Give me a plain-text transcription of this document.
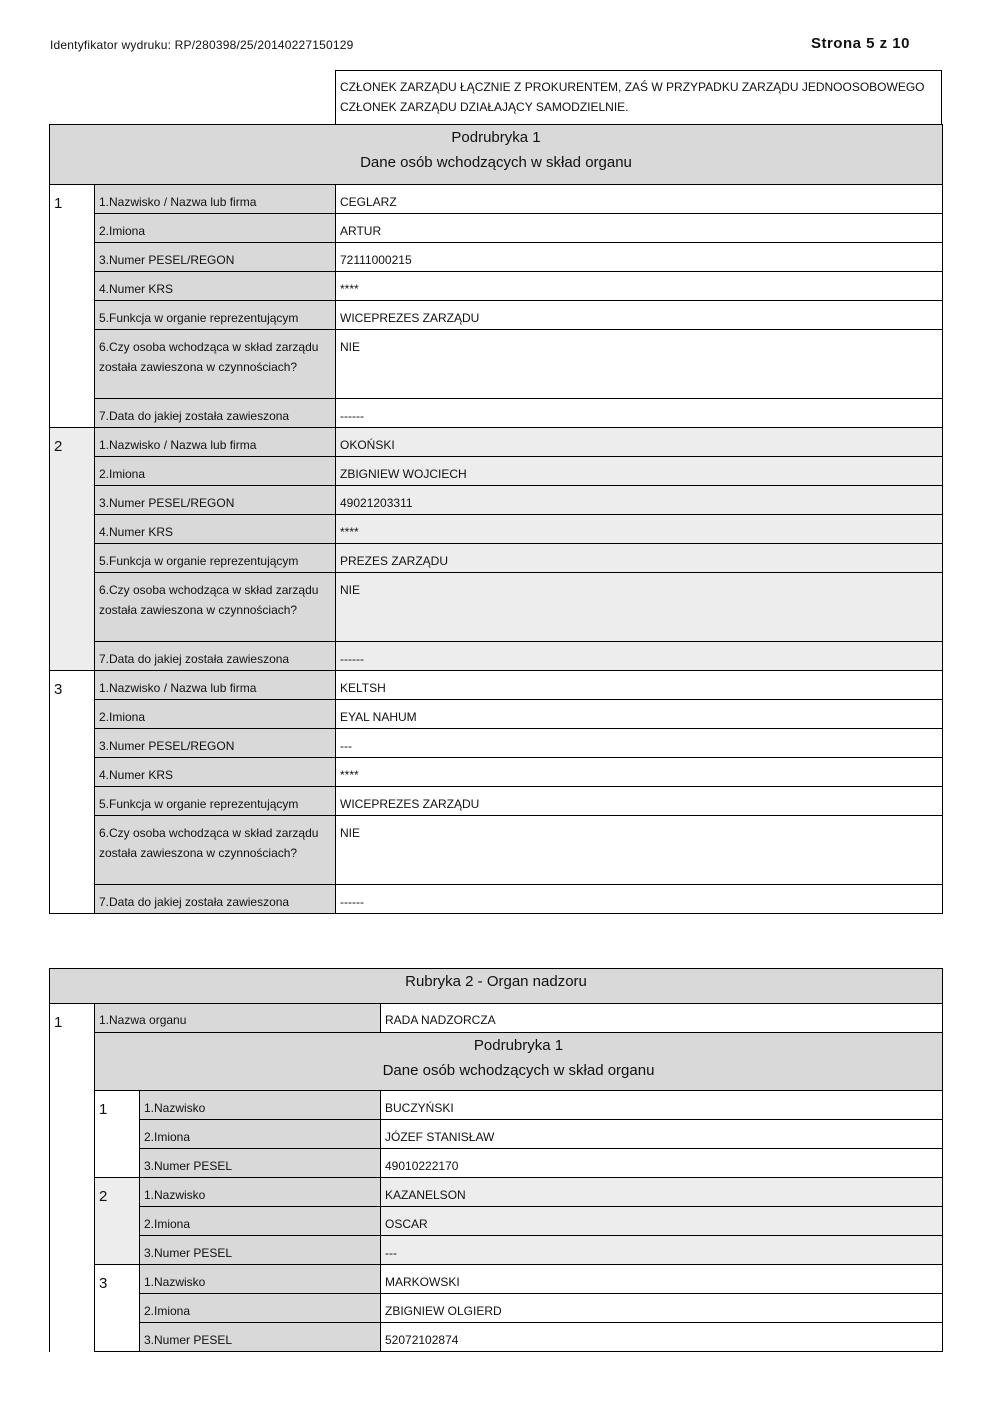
Identyfikator wydruku: RP/280398/25/20140227150129	Strona 5 z 10
CZŁONEK ZARZĄDU ŁĄCZNIE Z PROKURENTEM, ZAŚ W PRZYPADKU ZARZĄDU JEDNOOSOBOWEGO CZŁONEK ZARZĄDU DZIAŁAJĄCY SAMODZIELNIE.
Podrubryka 1
Dane osób wchodzących w skład organu		

1	1.Nazwisko / Nazwa lub firma	CEGLARZ
	2.Imiona	ARTUR
	3.Numer PESEL/REGON	72111000215
	4.Numer KRS	****
	5.Funkcja w organie reprezentującym	WICEPREZES ZARZĄDU
	6.Czy osoba wchodząca w skład zarządu została zawieszona w czynnościach?	NIE
	7.Data do jakiej została zawieszona	------
2	1.Nazwisko / Nazwa lub firma	OKOŃSKI
	2.Imiona	ZBIGNIEW WOJCIECH
	3.Numer PESEL/REGON	49021203311
	4.Numer KRS	****
	5.Funkcja w organie reprezentującym	PREZES ZARZĄDU
	6.Czy osoba wchodząca w skład zarządu została zawieszona w czynnościach?	NIE
	7.Data do jakiej została zawieszona	------
3	1.Nazwisko / Nazwa lub firma	KELTSH
	2.Imiona	EYAL NAHUM
	3.Numer PESEL/REGON	---
	4.Numer KRS	****
	5.Funkcja w organie reprezentującym	WICEPREZES ZARZĄDU
	6.Czy osoba wchodząca w skład zarządu została zawieszona w czynnościach?	NIE
	7.Data do jakiej została zawieszona	------
Rubryka 2 - Organ nadzoru			
1	1.Nazwa organu		RADA NADZORCZA

	Podrubryka 1
Dane osób wchodzących w skład organu		

	1	1.Nazwisko	BUCZYŃSKI
		2.Imiona	JÓZEF STANISŁAW
		3.Numer PESEL	49010222170
	2	1.Nazwisko	KAZANELSON
		2.Imiona	OSCAR
		3.Numer PESEL	---
	3	1.Nazwisko	MARKOWSKI
		2.Imiona	ZBIGNIEW OLGIERD
		3.Numer PESEL	52072102874
